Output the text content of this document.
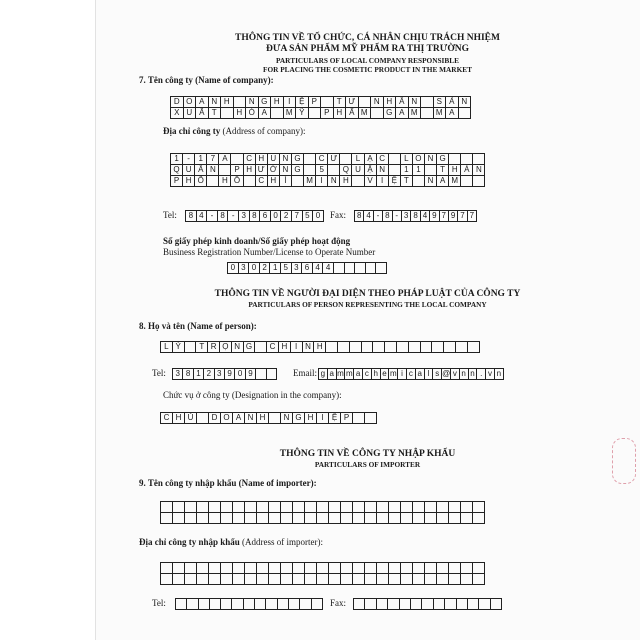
THÔNG TIN VỀ TỔ CHỨC, CÁ NHÂN CHỊU TRÁCH NHIỆM
ĐƯA SẢN PHẨM MỸ PHẨM RA THỊ TRƯỜNG
PARTICULARS OF LOCAL COMPANY RESPONSIBLE
FOR PLACING THE COSMETIC PRODUCT IN THE MARKET
7. Tên công ty (Name of company):
D O A N H	N G H	I	Ệ P	T Ư	N H Â N	S Ả N
X U Ấ T	H Ó A	M Ỹ	P H Ẩ M	G A M	M A
Địa chỉ công ty (Address of company):
1	-	1 7 A	C H U N G	C Ư	L Ạ C	L O N G
Q U Â N	P H Ư Ờ N G	5	Q U Ậ N	1 1	T H À N
P H Ố	H Ồ	C H	Í	M I	N H	V	I	Ệ T	N A M
Tel:	8 4 - 8 - 3 8 6 0 2 7 5 0	Fax: 8 4 - 8 - 3 8 4 9 7 9 7 7
Số giấy phép kinh doanh/Số giấy phép hoạt động
Business Registration Number/License to Operate Number
0 3 0 2 1 5 3 6 4 4
THÔNG TIN VỀ NGƯỜI ĐẠI DIỆN THEO PHÁP LUẬT CỦA CÔNG TY
PARTICULARS OF PERSON REPRESENTING THE LOCAL COMPANY
8. Họ và tên (Name of person):
L Ý	T R Ọ N G	C H I N H
Tel:	3 8 1 2 3 9 0 9	Email: g a m m a c h e m i c a l s @ v n n . v n
Chức vụ ở công ty (Designation in the company):
C H Ủ	D O A N H	N G H I	Ệ P
THÔNG TIN VỀ CÔNG TY NHẬP KHẨU
PARTICULARS OF IMPORTER
9. Tên công ty nhập khẩu (Name of importer):
Địa chỉ công ty nhập khẩu (Address of importer):
Tel:	Fax:
